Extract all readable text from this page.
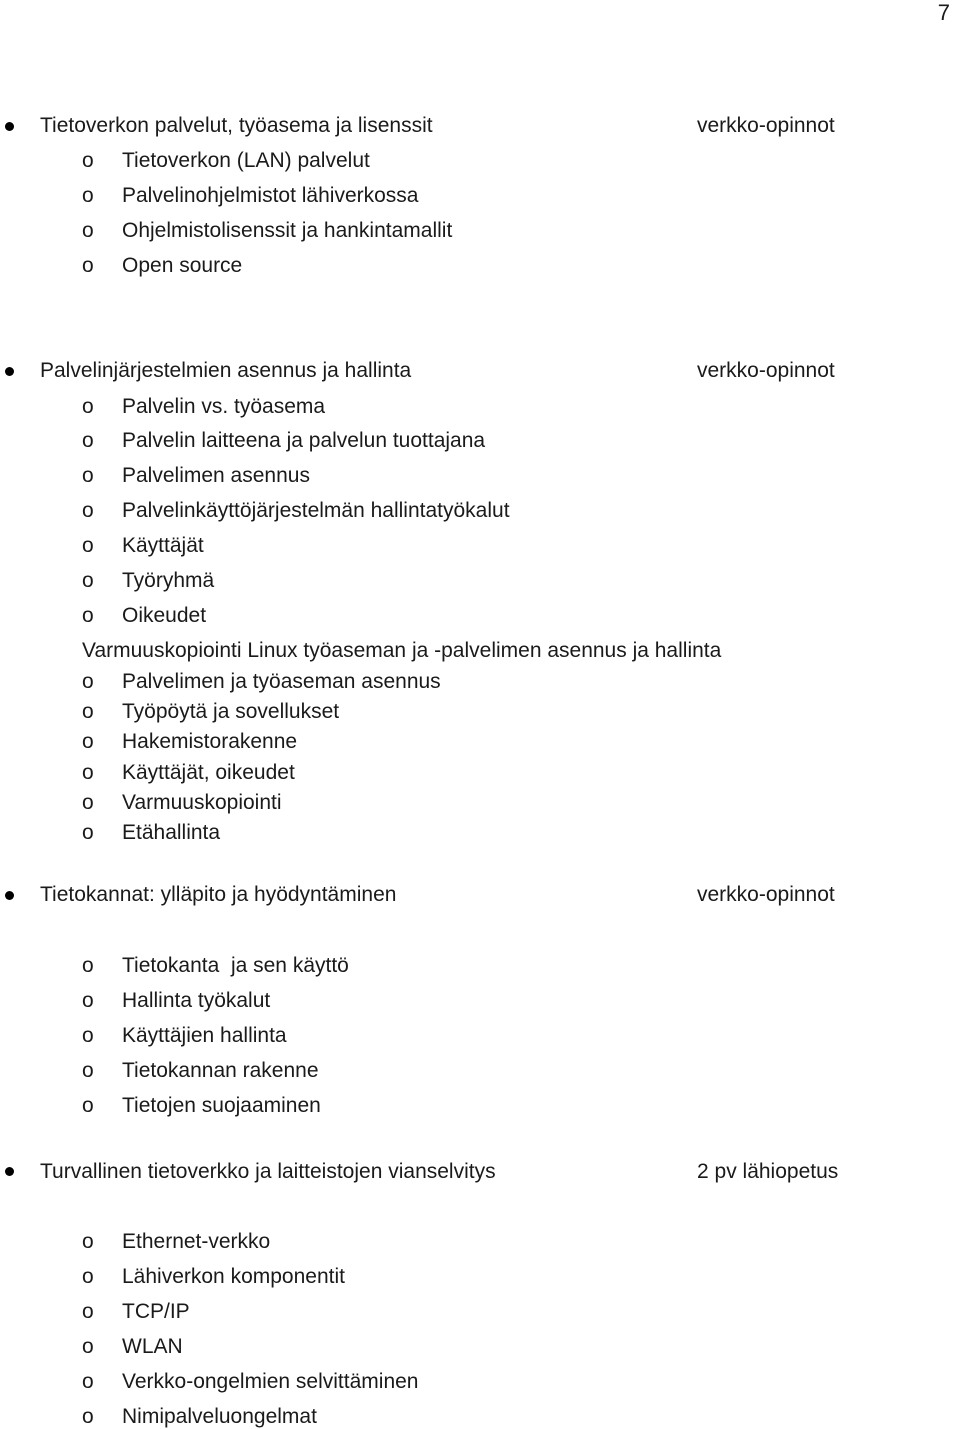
7
Tietoverkon palvelut, työasema ja lisenssit	verkko-opinnot
o Tietoverkon (LAN) palvelut
o Palvelinohjelmistot lähiverkossa
o Ohjelmistolisenssit ja hankintamallit
o Open source
Palvelinjärjestelmien asennus ja hallinta	verkko-opinnot
o Palvelin vs. työasema
o Palvelin laitteena ja palvelun tuottajana
o Palvelimen asennus
o Palvelinkäyttöjärjestelmän hallintatyökalut
o Käyttäjät
o Työryhmä
o Oikeudet
Varmuuskopiointi Linux työaseman ja -palvelimen asennus ja hallinta
o Palvelimen ja työaseman asennus
o Työpöytä ja sovellukset
o Hakemistorakenne
o Käyttäjät, oikeudet
o Varmuuskopiointi
o Etähallinta
Tietokannat: ylläpito ja hyödyntäminen	verkko-opinnot
o Tietokanta  ja sen käyttö
o Hallinta työkalut
o Käyttäjien hallinta
o Tietokannan rakenne
o Tietojen suojaaminen
Turvallinen tietoverkko ja laitteistojen vianselvitys	2 pv lähiopetus
o Ethernet-verkko
o Lähiverkon komponentit
o TCP/IP
o WLAN
o Verkko-ongelmien selvittäminen
o Nimipalveluongelmat
